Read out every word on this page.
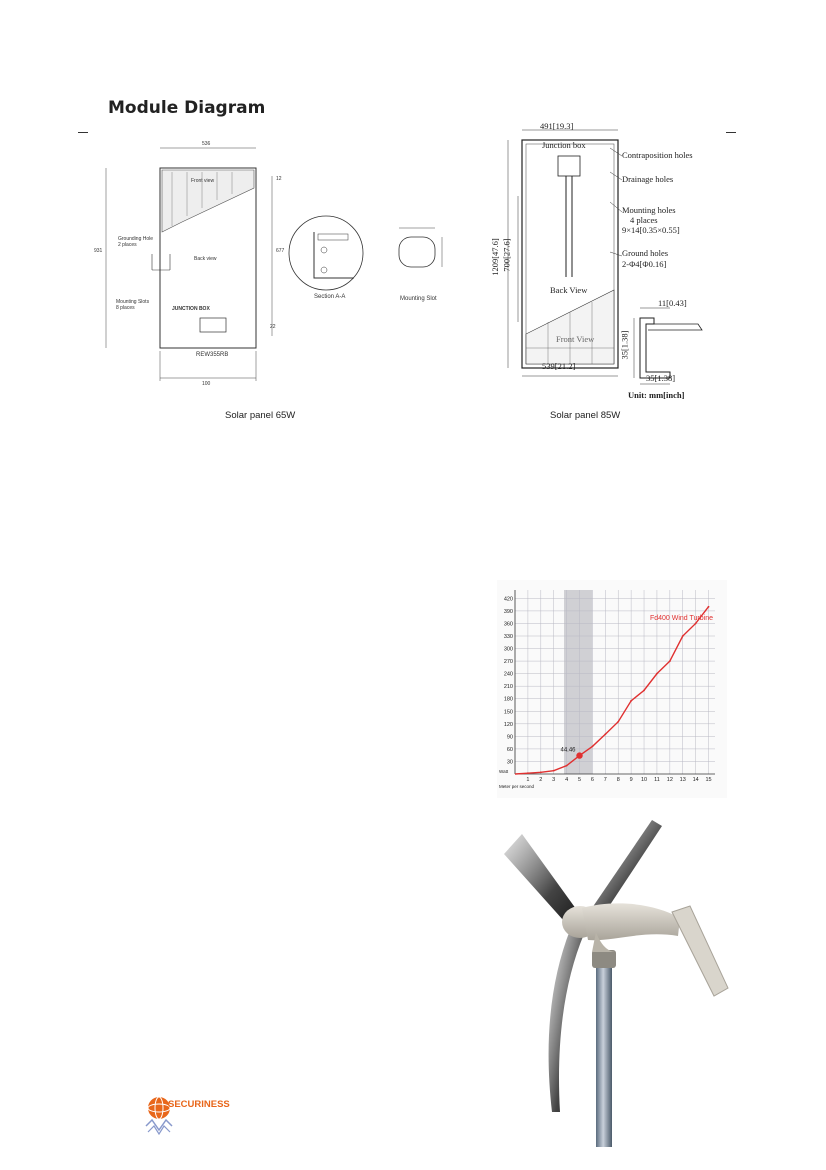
Module Diagram
536
Front view
Back view
Grounding Hole 2 places
Mounting Slots 8 places	JUNCTION BOX
REW355RB
931	677
100
12
22
Section A-A	Mounting Slot
Solar panel 65W
491[19.3]
Junction box
Contraposition holes
Drainage holes
Mounting holes
4 places
9×14[0.35×0.55]
Ground holes
2-Φ4[Φ0.16]
Back View
Front View
1209[47.6] 700[27.6]
539[21.2]
11[0.43]
35[1.38]
35[1.38]
Unit: mm[inch]
Solar panel 85W
30
60
90
120
150
180
210
240
270
300
330
360
390
420
1 2 3 4 5 6 7 8 9 10 11 12 13 14 15
Watt
Meter per second
Fd400 Wind Turbine
44.46
SECURINESS
